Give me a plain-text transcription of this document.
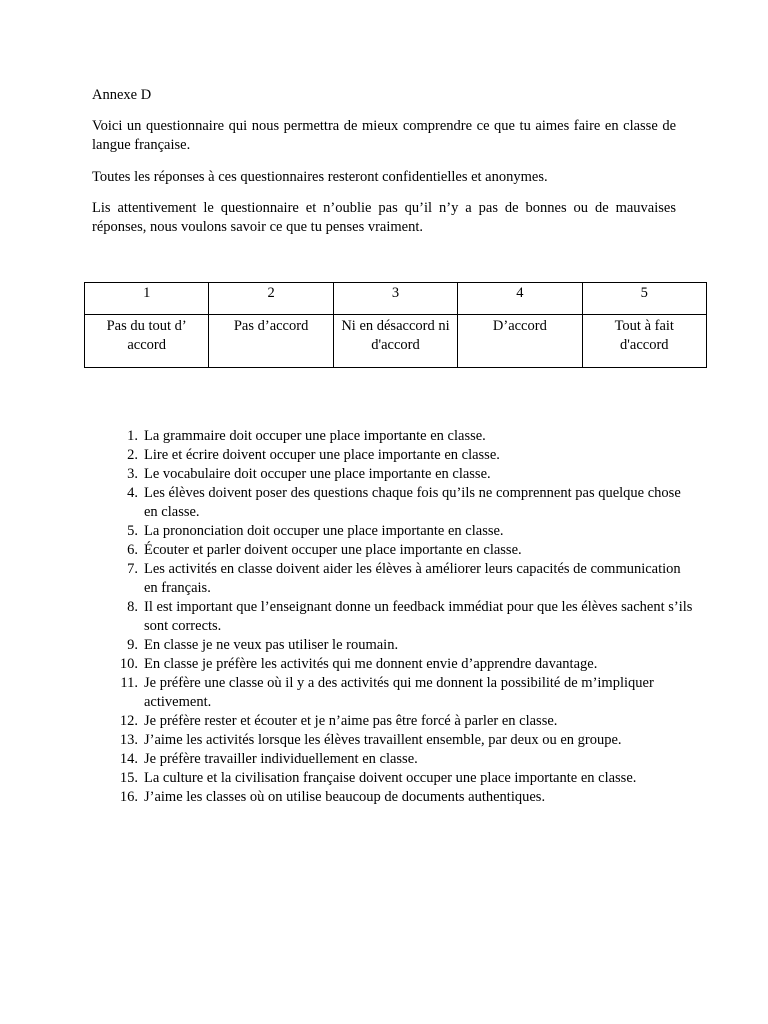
Annexe D

Voici un questionnaire qui nous permettra de mieux comprendre ce que tu aimes faire en classe de langue française.

Toutes les réponses à ces questionnaires resteront confidentielles et anonymes.

Lis attentivement le questionnaire et n’oublie pas qu’il n’y a pas de bonnes ou de mauvaises réponses, nous voulons savoir ce que tu penses vraiment.

1	2	3	4	5
Pas du tout d’ accord	Pas d’accord	Ni en désaccord ni d'accord	D’accord	Tout à fait d'accord
1. La grammaire doit occuper une place importante en classe.
2. Lire et écrire doivent occuper une place importante en classe.
3. Le vocabulaire doit occuper une place importante en classe.
4. Les élèves doivent poser des questions chaque fois qu’ils ne comprennent pas quelque chose en classe.
5. La prononciation doit occuper une place importante en classe.
6. Écouter et parler doivent occuper une place importante en classe.
7. Les activités en classe doivent aider les élèves à améliorer leurs capacités de communication en français.
8. Il est important que l’enseignant donne un feedback immédiat pour que les élèves sachent s’ils sont corrects.
9. En classe je ne veux pas utiliser le roumain.
10. En classe je préfère les activités qui me donnent envie d’apprendre davantage.
11. Je préfère une classe où il y a des activités qui me donnent la possibilité de m’impliquer activement.
12. Je préfère rester et écouter et je n’aime pas être forcé à parler en classe.
13. J’aime les activités lorsque les élèves travaillent ensemble, par deux ou en groupe.
14. Je préfère travailler individuellement en classe.
15. La culture et la civilisation française doivent occuper une place importante en classe.
16. J’aime les classes où on utilise beaucoup de documents authentiques.
